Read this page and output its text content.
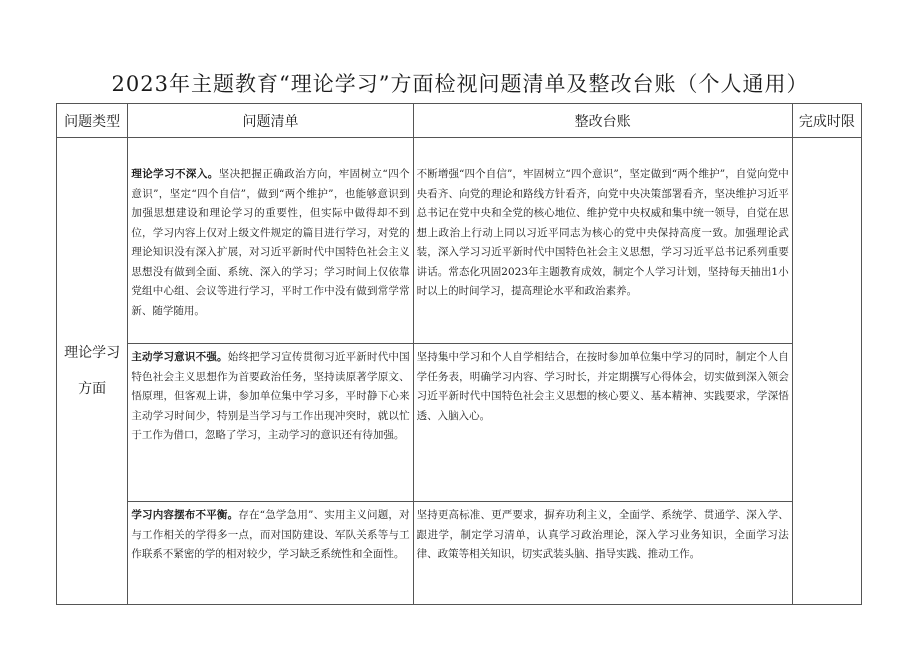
2023年主题教育“理论学习”方面检视问题清单及整改台账（个人通用）
问题类型	问题清单	整改台账	完成时限

理论学习
方面			

	理论学习不深入。坚决把握正确政治方向，牢固树立“四个意识”，坚定“四个自信”，做到“两个维护”，也能够意识到加强思想建设和理论学习的重要性，但实际中做得却不到位，学习内容上仅对上级文件规定的篇目进行学习，对党的理论知识没有深入扩展，对习近平新时代中国特色社会主义思想没有做到全面、系统、深入的学习；学习时间上仅依靠党组中心组、会议等进行学习，平时工作中没有做到常学常新、随学随用。	不断增强“四个自信”，牢固树立“四个意识”，坚定做到“两个维护”，自觉向党中央看齐、向党的理论和路线方针看齐，向党中央决策部署看齐，坚决维护习近平总书记在党中央和全党的核心地位、维护党中央权威和集中统一领导，自觉在思想上政治上行动上同以习近平同志为核心的党中央保持高度一致。加强理论武装，深入学习习近平新时代中国特色社会主义思想，学习习近平总书记系列重要讲话。常态化巩固2023年主题教育成效，制定个人学习计划，坚持每天抽出1小时以上的时间学习，提高理论水平和政治素养。	
	主动学习意识不强。始终把学习宣传贯彻习近平新时代中国特色社会主义思想作为首要政治任务，坚持读原著学原文、悟原理，但客观上讲，参加单位集中学习多，平时静下心来主动学习时间少，特别是当学习与工作出现冲突时，就以忙于工作为借口，忽略了学习，主动学习的意识还有待加强。	坚持集中学习和个人自学相结合，在按时参加单位集中学习的同时，制定个人自学任务表，明确学习内容、学习时长，并定期撰写心得体会，切实做到深入领会习近平新时代中国特色社会主义思想的核心要义、基本精神、实践要求，学深悟透、入脑入心。	
	学习内容摆布不平衡。存在“急学急用”、实用主义问题，对与工作相关的学得多一点，而对国防建设、军队关系等与工作联系不紧密的学的相对较少，学习缺乏系统性和全面性。	坚持更高标准、更严要求，摒弃功利主义，全面学、系统学、贯通学、深入学、跟进学，制定学习清单，认真学习政治理论，深入学习业务知识，全面学习法律、政策等相关知识，切实武装头脑、指导实践、推动工作。	
